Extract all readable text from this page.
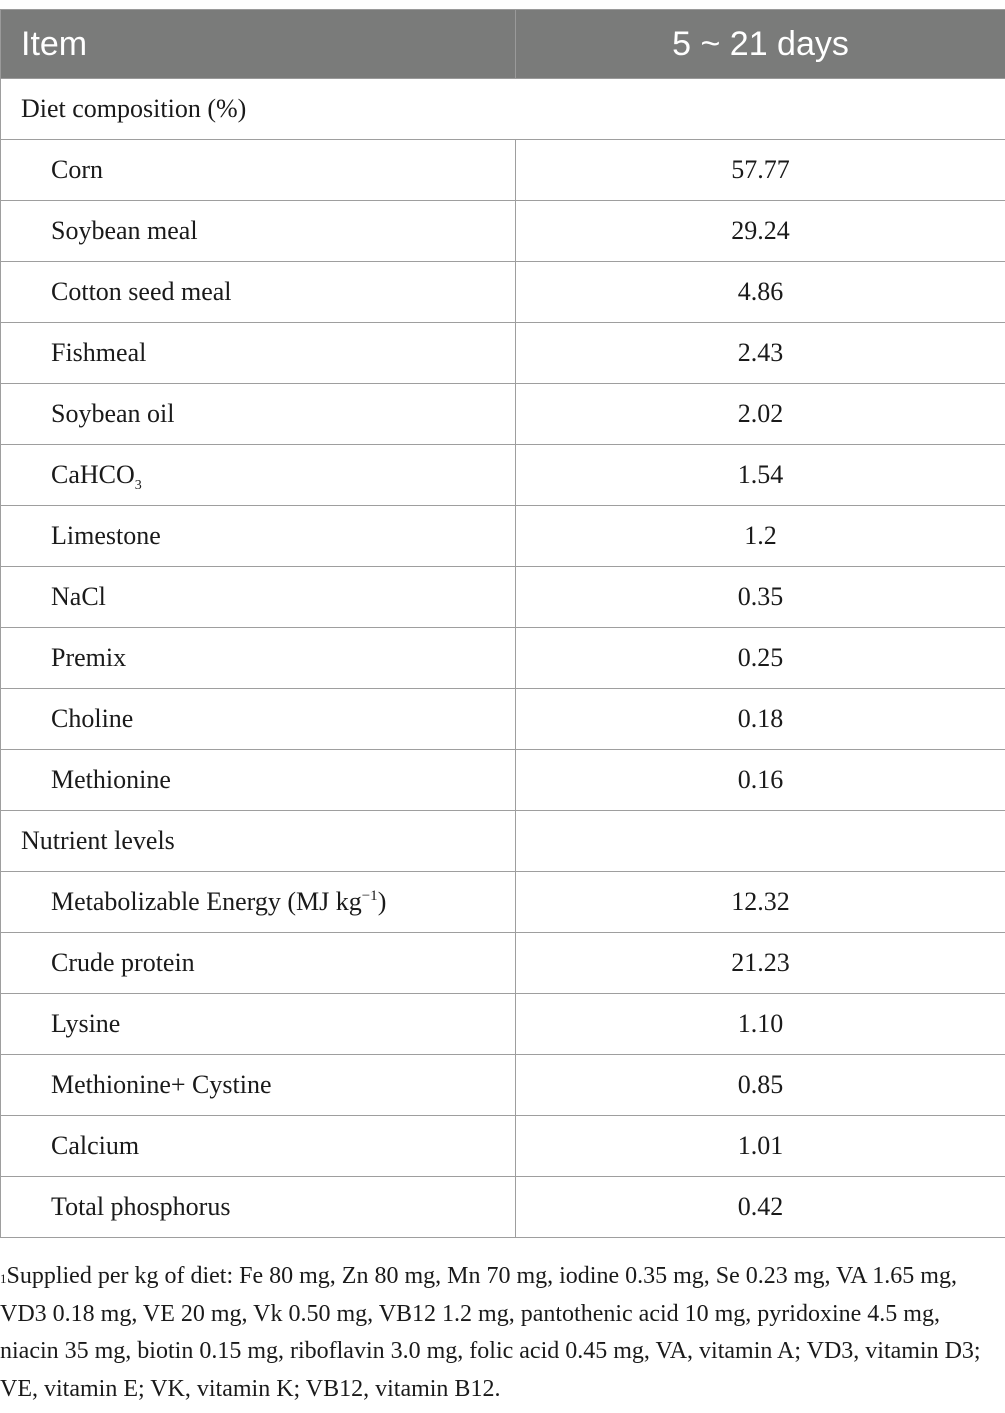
Item	5 ~ 21 days
Diet composition (%)	
Corn	57.77
Soybean meal	29.24
Cotton seed meal	4.86
Fishmeal	2.43
Soybean oil	2.02
CaHCO$_3$	1.54
Limestone	1.2
NaCl	0.35
Premix	0.25
Choline	0.18
Methionine	0.16
Nutrient levels	
Metabolizable Energy (MJ $kg^{-1}$)	12.32
Crude protein	21.23
Lysine	1.10
Methionine+ Cystine	0.85
Calcium	1.01
Total phosphorus	0.42
$^1$Supplied per kg of diet: Fe 80 mg, Zn 80 mg, Mn 70 mg, iodine 0.35 mg, Se 0.23 mg, VA 1.65 mg, VD3 0.18 mg, VE 20 mg, Vk 0.50 mg, VB12 1.2 mg, pantothenic acid 10 mg, pyridoxine 4.5 mg, niacin 35 mg, biotin 0.15 mg, riboflavin 3.0 mg, folic acid 0.45 mg, VA, vitamin A; VD3, vitamin D3; VE, vitamin E; VK, vitamin K; VB12, vitamin B12.
